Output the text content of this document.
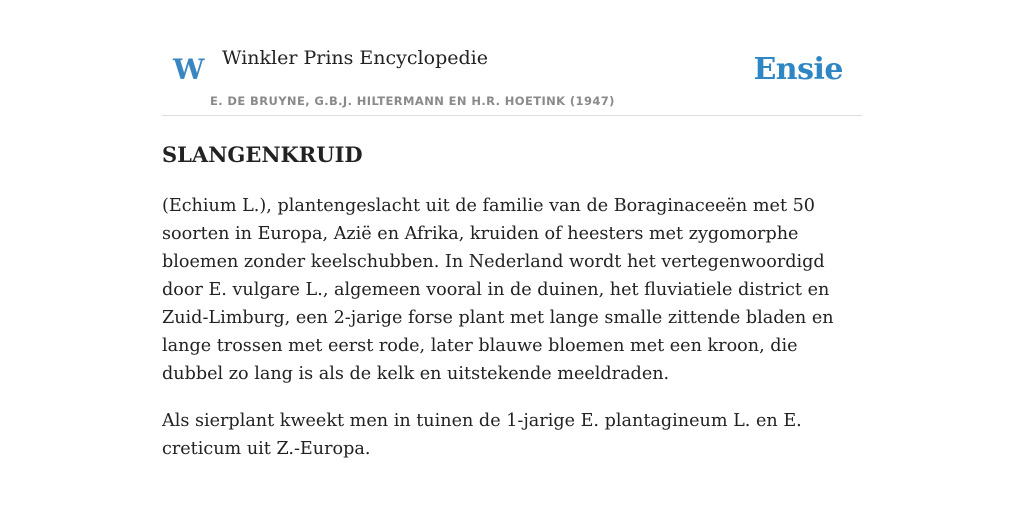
W Winkler Prins Encyclopedie	Ensie
E. DE BRUYNE, G.B.J. HILTERMANN EN H.R. HOETINK (1947)
SLANGENKRUID

(Echium L.), plantengeslacht uit de familie van de Boraginaceeën met 50 soorten in Europa, Azië en Afrika, kruiden of heesters met zygomorphe bloemen zonder keelschubben. In Nederland wordt het vertegenwoordigd door E. vulgare L., algemeen vooral in de duinen, het fluviatiele district en Zuid-Limburg, een 2-jarige forse plant met lange smalle zittende bladen en lange trossen met eerst rode, later blauwe bloemen met een kroon, die dubbel zo lang is als de kelk en uitstekende meeldraden.

Als sierplant kweekt men in tuinen de 1-jarige E. plantagineum L. en E. creticum uit Z.-Europa.
